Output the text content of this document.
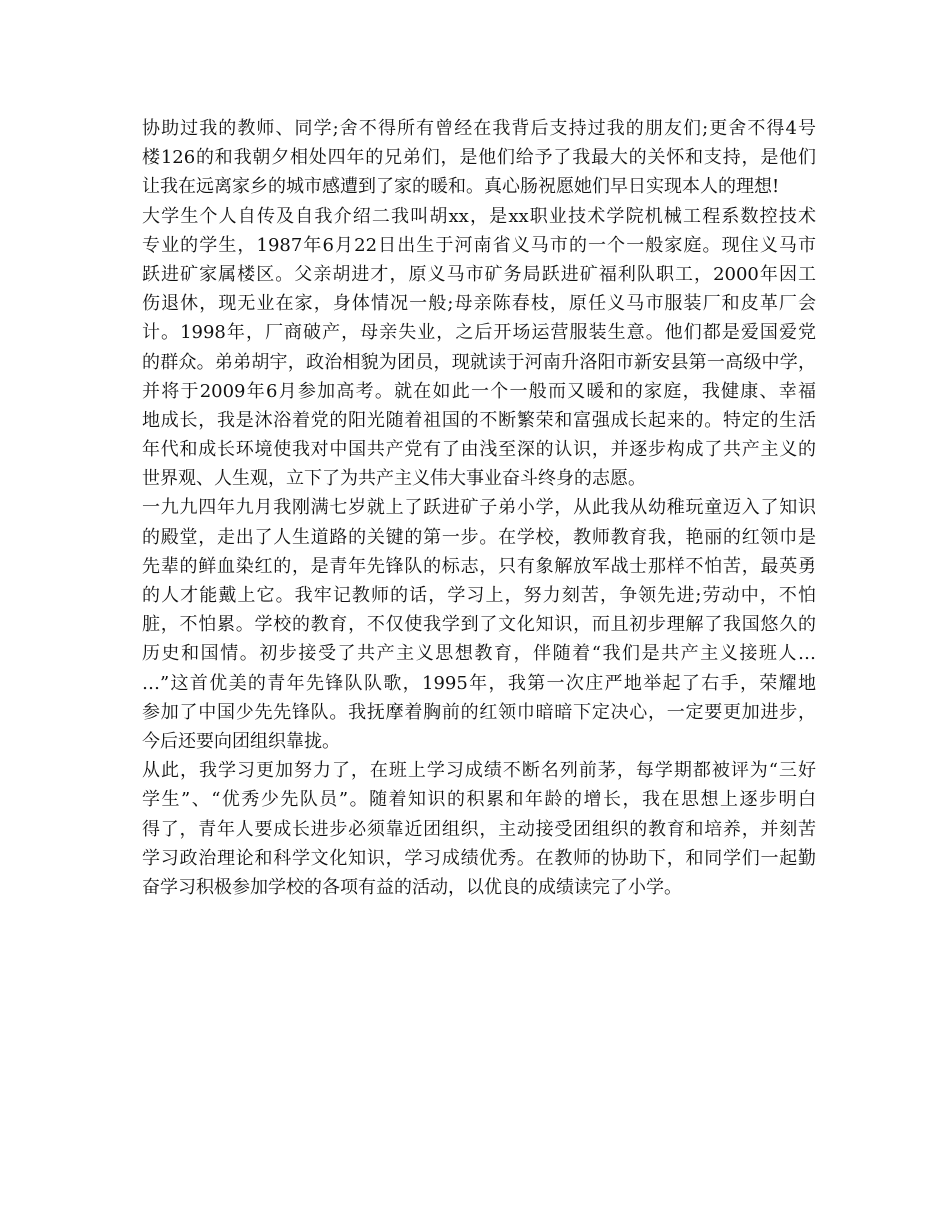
协助过我的教师、同学;舍不得所有曾经在我背后支持过我的朋友们;更舍不得4号
楼126的和我朝夕相处四年的兄弟们，是他们给予了我最大的关怀和支持，是他们
让我在远离家乡的城市感遭到了家的暖和。真心肠祝愿她们早日实现本人的理想!
大学生个人自传及自我介绍二我叫胡xx，是xx职业技术学院机械工程系数控技术
专业的学生，1987年6月22日出生于河南省义马市的一个一般家庭。现住义马市
跃进矿家属楼区。父亲胡进才，原义马市矿务局跃进矿福利队职工，2000年因工
伤退休，现无业在家，身体情况一般;母亲陈春枝，原任义马市服装厂和皮革厂会
计。1998年，厂商破产，母亲失业，之后开场运营服装生意。他们都是爱国爱党
的群众。弟弟胡宇，政治相貌为团员，现就读于河南升洛阳市新安县第一高级中学，
并将于2009年6月参加高考。就在如此一个一般而又暖和的家庭，我健康、幸福
地成长，我是沐浴着党的阳光随着祖国的不断繁荣和富强成长起来的。特定的生活
年代和成长环境使我对中国共产党有了由浅至深的认识，并逐步构成了共产主义的
世界观、人生观，立下了为共产主义伟大事业奋斗终身的志愿。
一九九四年九月我刚满七岁就上了跃进矿子弟小学，从此我从幼稚玩童迈入了知识
的殿堂，走出了人生道路的关键的第一步。在学校，教师教育我，艳丽的红领巾是
先辈的鲜血染红的，是青年先锋队的标志，只有象解放军战士那样不怕苦，最英勇
的人才能戴上它。我牢记教师的话，学习上，努力刻苦，争领先进;劳动中，不怕
脏，不怕累。学校的教育，不仅使我学到了文化知识，而且初步理解了我国悠久的
历史和国情。初步接受了共产主义思想教育，伴随着“我们是共产主义接班人…
…”这首优美的青年先锋队队歌，1995年，我第一次庄严地举起了右手，荣耀地
参加了中国少先先锋队。我抚摩着胸前的红领巾暗暗下定决心，一定要更加进步，
今后还要向团组织靠拢。
从此，我学习更加努力了，在班上学习成绩不断名列前茅，每学期都被评为“三好
学生”、“优秀少先队员”。随着知识的积累和年龄的增长，我在思想上逐步明白
得了，青年人要成长进步必须靠近团组织，主动接受团组织的教育和培养，并刻苦
学习政治理论和科学文化知识，学习成绩优秀。在教师的协助下，和同学们一起勤
奋学习积极参加学校的各项有益的活动，以优良的成绩读完了小学。
